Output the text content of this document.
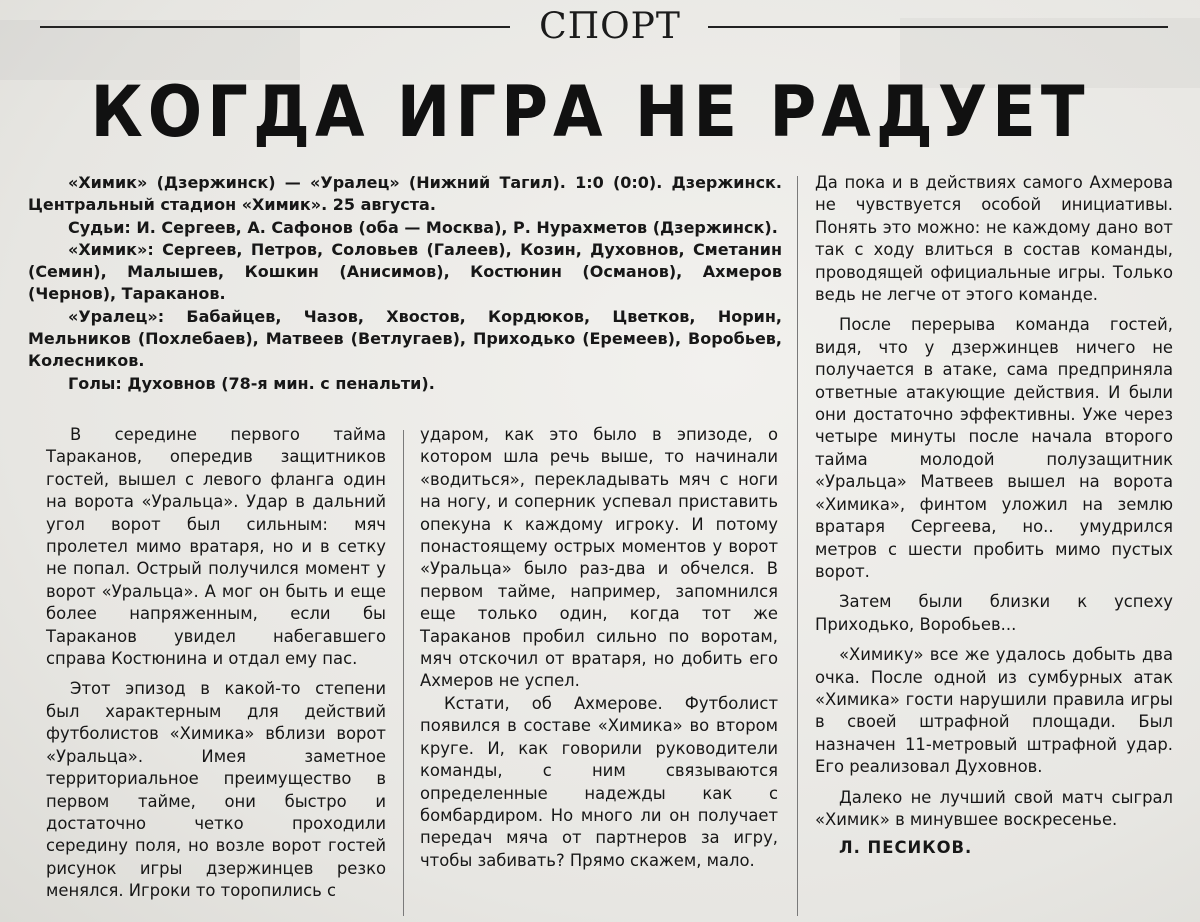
СПОРТ
КОГДА ИГРА НЕ РАДУЕТ

«Химик» (Дзержинск) — «Уралец» (Нижний Тагил). 1:0 (0:0). Дзержинск. Центральный стадион «Химик». 25 августа.

Судьи: И. Сергеев, А. Сафонов (оба — Москва), Р. Нурахметов (Дзержинск).

«Химик»: Сергеев, Петров, Соловьев (Галеев), Козин, Духовнов, Сметанин (Семин), Малышев, Кошкин (Анисимов), Костюнин (Османов), Ахмеров (Чернов), Тараканов.

«Уралец»: Бабайцев, Чазов, Хвостов, Кордюков, Цветков, Норин, Мельников (Похлебаев), Матвеев (Ветлугаев), Приходько (Еремеев), Воробьев, Колесников.

Голы: Духовнов (78-я мин. с пенальти).

В середине первого тайма Тараканов, опередив защитников гостей, вышел с левого фланга один на ворота «Уральца». Удар в дальний угол ворот был сильным: мяч пролетел мимо вратаря, но и в сетку не попал. Острый получился момент у ворот «Уральца». А мог он быть и еще более напряженным, если бы Тараканов увидел набегавшего справа Костюнина и отдал ему пас.

Этот эпизод в какой-то степени был характерным для действий футболистов «Химика» вблизи ворот «Уральца». Имея заметное территориальное преимущество в первом тайме, они быстро и достаточно четко проходили середину поля, но возле ворот гостей рисунок игры дзержинцев резко менялся. Игроки то торопились с

ударом, как это было в эпизоде, о котором шла речь выше, то начинали «водиться», перекладывать мяч с ноги на ногу, и соперник успевал приставить опекуна к каждому игроку. И потому понастоящему острых моментов у ворот «Уральца» было раз-два и обчелся. В первом тайме, например, запомнился еще только один, когда тот же Тараканов пробил сильно по воротам, мяч отскочил от вратаря, но добить его Ахмеров не успел.

Кстати, об Ахмерове. Футболист появился в составе «Химика» во втором круге. И, как говорили руководители команды, с ним связываются определенные надежды как с бомбардиром. Но много ли он получает передач мяча от партнеров за игру, чтобы забивать? Прямо скажем, мало.

Да пока и в действиях самого Ахмерова не чувствуется особой инициативы. Понять это можно: не каждому дано вот так с ходу влиться в состав команды, проводящей официальные игры. Только ведь не легче от этого команде.

После перерыва команда гостей, видя, что у дзержинцев ничего не получается в атаке, сама предприняла ответные атакующие действия. И были они достаточно эффективны. Уже через четыре минуты после начала второго тайма молодой полузащитник «Уральца» Матвеев вышел на ворота «Химика», финтом уложил на землю вратаря Сергеева, но.. умудрился метров с шести пробить мимо пустых ворот.

Затем были близки к успеху Приходько, Воробьев...

«Химику» все же удалось добыть два очка. После одной из сумбурных атак «Химика» гости нарушили правила игры в своей штрафной площади. Был назначен 11-метровый штрафной удар. Его реализовал Духовнов.

Далеко не лучший свой матч сыграл «Химик» в минувшее воскресенье.

Л. ПЕСИКОВ.
